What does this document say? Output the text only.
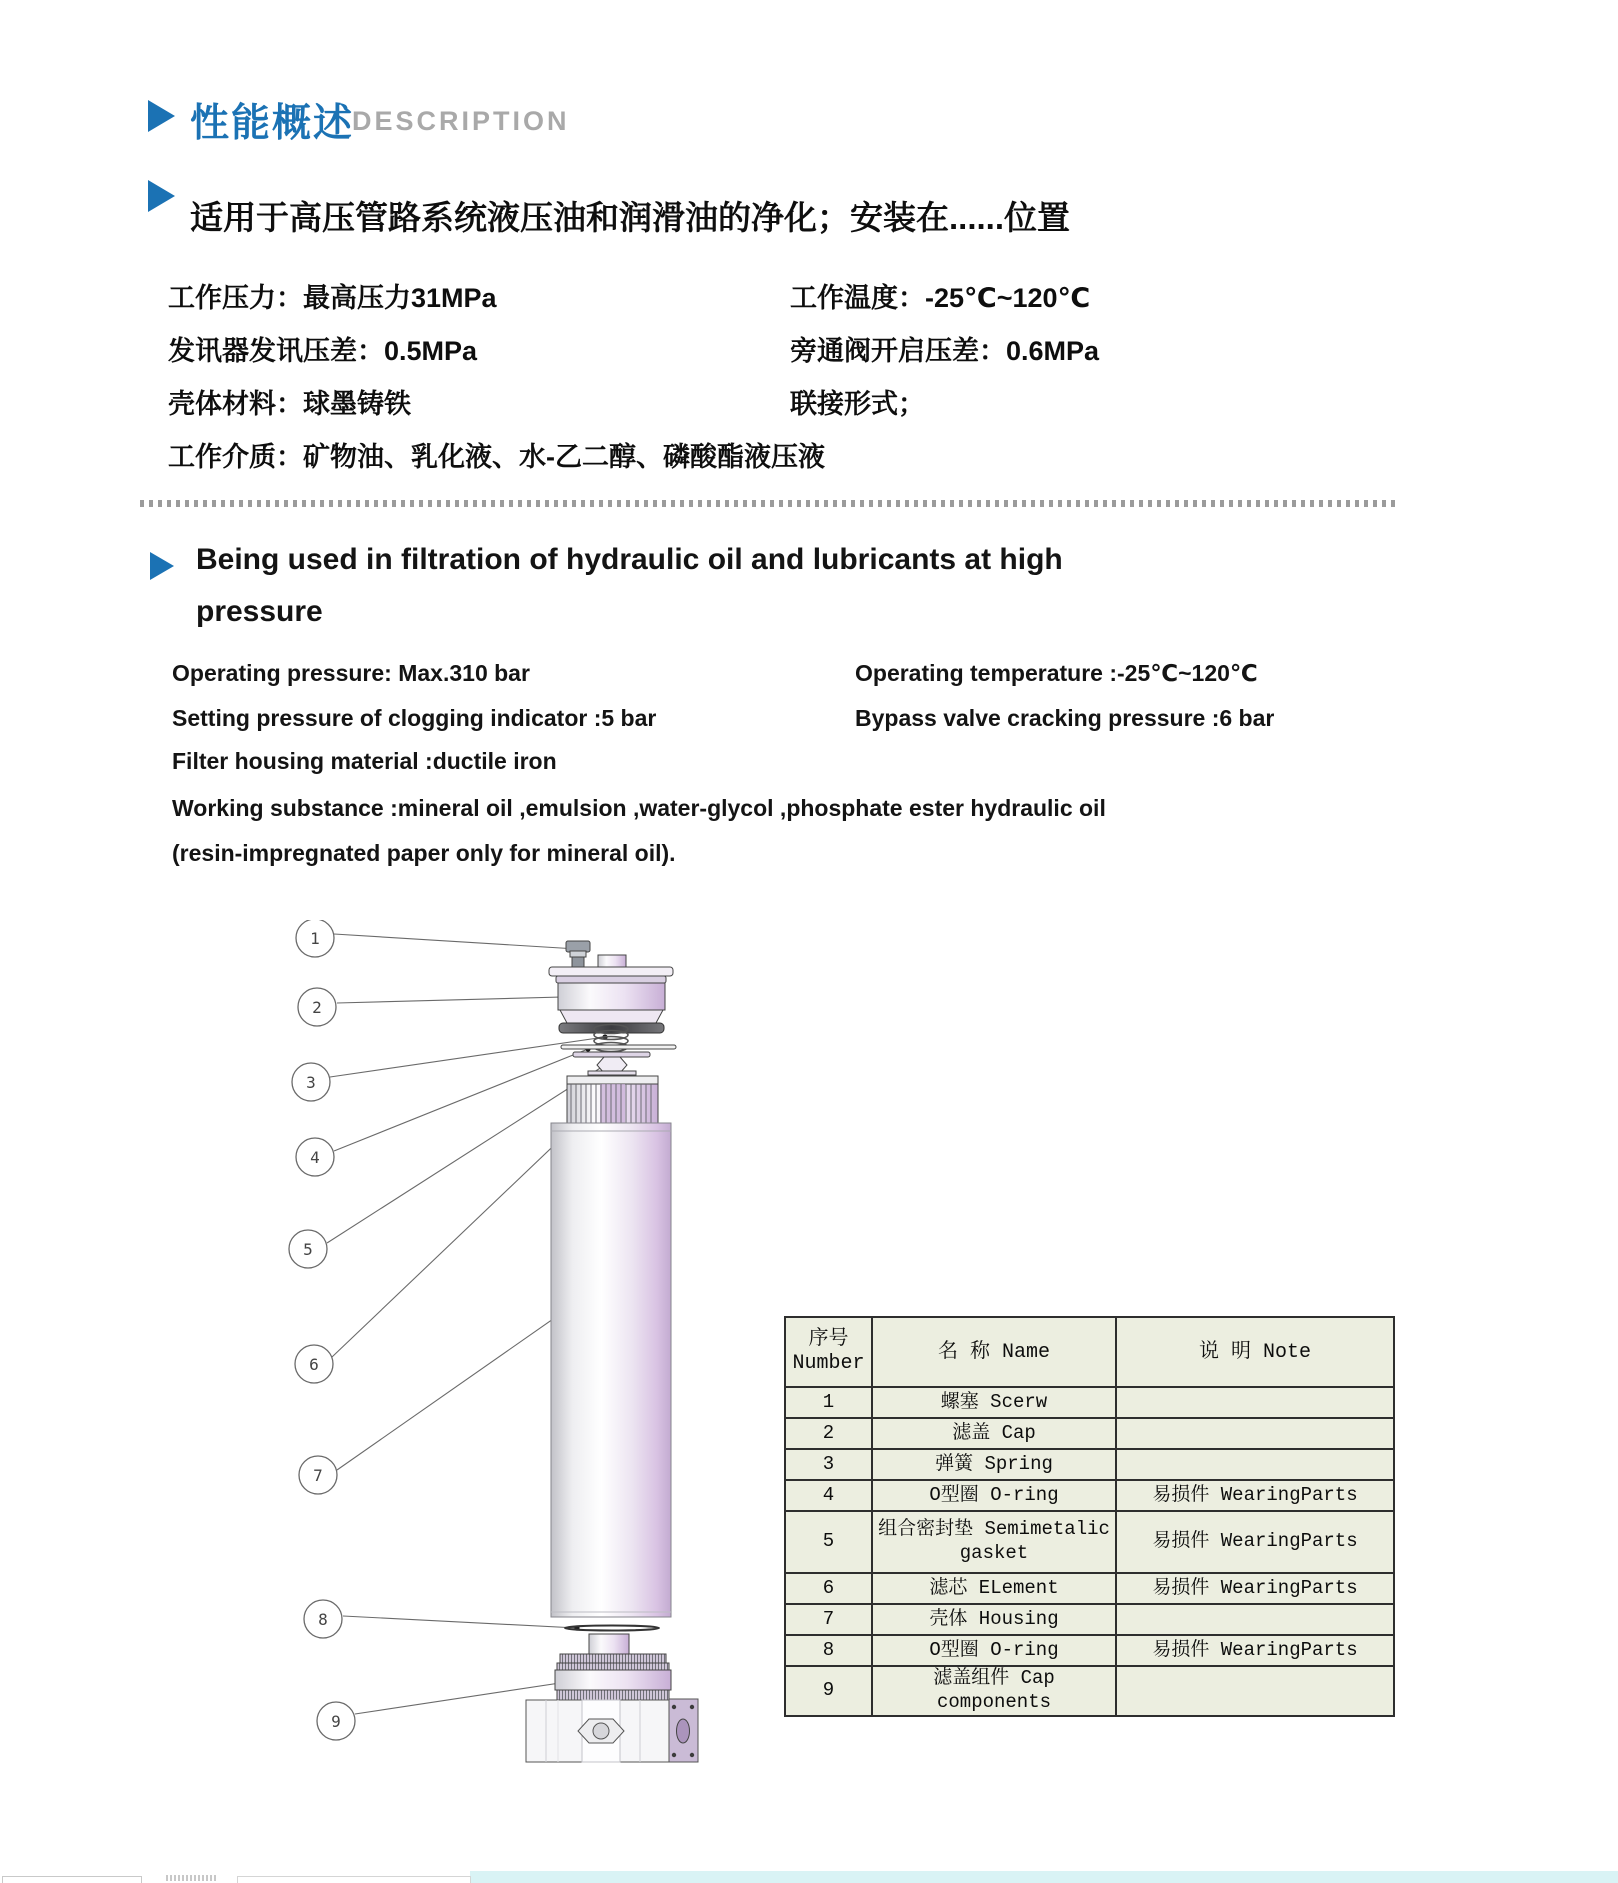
性能概述
DESCRIPTION
适用于高压管路系统液压油和润滑油的净化；安装在......位置
工作压力：最高压力31MPa	工作温度：-25℃~120℃
发讯器发讯压差：0.5MPa	旁通阀开启压差：0.6MPa
壳体材料：球墨铸铁	联接形式；
工作介质：矿物油、乳化液、水-乙二醇、磷酸酯液压液
Being used in filtration of hydraulic oil and lubricants at high
pressure
Operating pressure: Max.310 bar	Operating temperature :-25℃~120℃
Setting pressure of clogging indicator :5 bar	Bypass valve cracking pressure :6 bar
Filter housing material :ductile iron
Working substance :mineral oil ,emulsion ,water-glycol ,phosphate ester hydraulic oil
(resin-impregnated paper only for mineral oil).
1
2
3
4
5
6
7
8
9
序号
Number	名 称 Name	说 明 Note
1	螺塞 Scerw	
2	滤盖 Cap	
3	弹簧 Spring	
4	O型圈 O-ring	易损件 WearingParts
5	组合密封垫 Semimetalic gasket	易损件 WearingParts
6	滤芯 ELement	易损件 WearingParts
7	壳体 Housing	
8	O型圈 O-ring	易损件 WearingParts
9	滤盖组件 Cap components	
